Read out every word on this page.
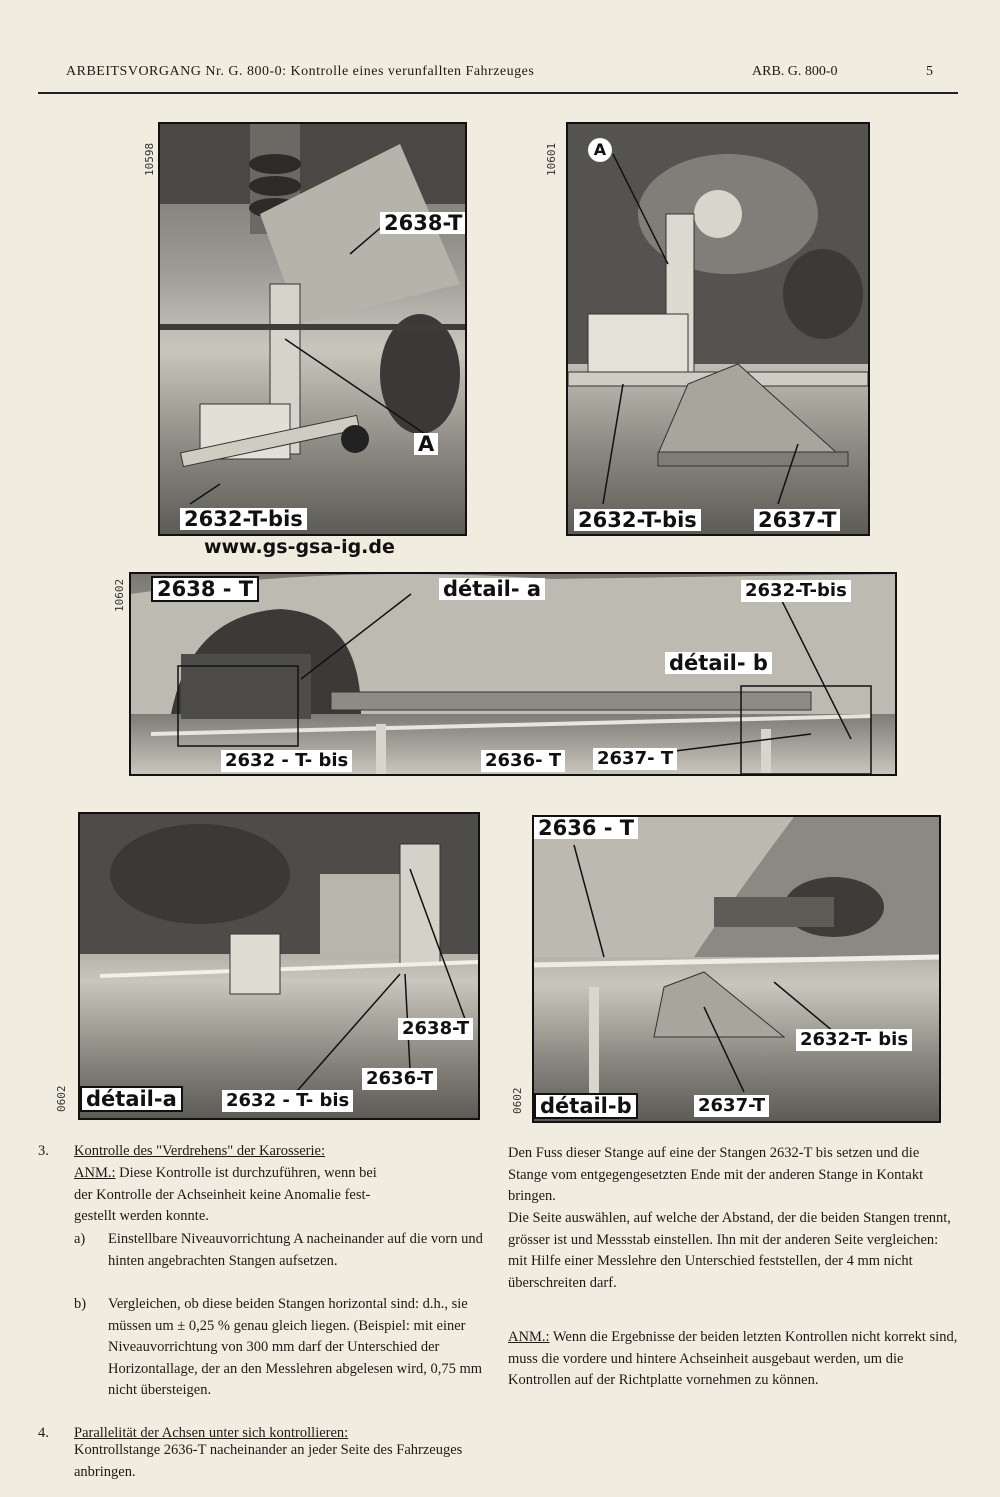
ARBEITSVORGANG Nr. G. 800-0: Kontrolle eines verunfallten Fahrzeuges	ARB. G. 800-0	5
10598
2638-T
A
2632-T-bis
www.gs-gsa-ig.de
10601	A
2632-T-bis	2637-T
10602 2638 - T	détail- a	2632-T-bis
détail- b
2632 - T- bis	2636- T 2637- T
0602
2638-T
2636-T
2632 - T- bis
détail-a	0602
2636 - T
2632-T- bis
2637-T
détail-b
3. Kontrolle des "Verdrehens" der Karosserie:
ANM.: Diese Kontrolle ist durchzuführen, wenn bei
der Kontrolle der Achseinheit keine Anomalie fest-
gestellt werden konnte.
a) Einstellbare Niveauvorrichtung A nacheinander auf die vorn und hinten angebrachten Stangen aufsetzen.
b) Vergleichen, ob diese beiden Stangen horizontal sind: d.h., sie müssen um ± 0,25 % genau gleich liegen. (Beispiel: mit einer Niveauvorrichtung von 300 mm darf der Unterschied der Horizontallage, der an den Messlehren abgelesen wird, 0,75 mm nicht übersteigen.
4. Parallelität der Achsen unter sich kontrollieren:
Kontrollstange 2636-T nacheinander an jeder Seite des Fahrzeuges anbringen.
Den Fuss dieser Stange auf eine der Stangen 2632-T bis setzen und die Stange vom entgegengesetzten Ende mit der anderen Stange in Kontakt bringen.
Die Seite auswählen, auf welche der Abstand, der die beiden Stangen trennt, grösser ist und Messstab einstellen. Ihn mit der anderen Seite vergleichen: mit Hilfe einer Messlehre den Unterschied feststellen, der 4 mm nicht überschreiten darf.
ANM.: Wenn die Ergebnisse der beiden letzten Kontrollen nicht korrekt sind, muss die vordere und hintere Achseinheit ausgebaut werden, um die Kontrollen auf der Richtplatte vornehmen zu können.
